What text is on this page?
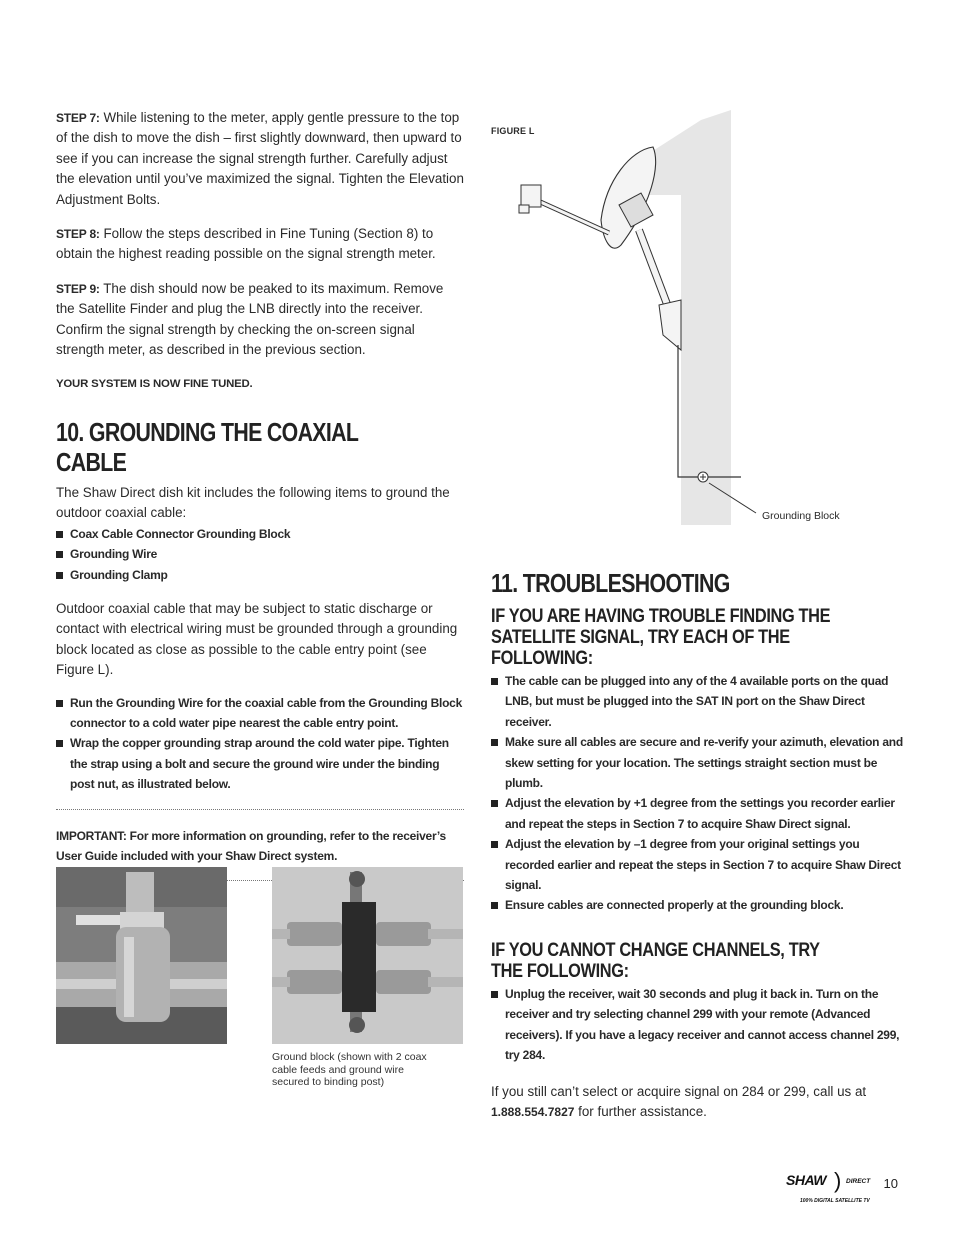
STEP 7: While listening to the meter, apply gentle pressure to the top of the dish to move the dish – first slightly downward, then upward to see if you can increase the signal strength further. Carefully adjust the elevation until you’ve maximized the signal. Tighten the Elevation Adjustment Bolts.

STEP 8: Follow the steps described in Fine Tuning (Section 8) to obtain the highest reading possible on the signal strength meter.

STEP 9: The dish should now be peaked to its maximum. Remove the Satellite Finder and plug the LNB directly into the receiver. Confirm the signal strength by checking the on-screen signal strength meter, as described in the previous section.

YOUR SYSTEM IS NOW FINE TUNED.

10. GROUNDING THE COAXIAL CABLE

The Shaw Direct dish kit includes the following items to ground the outdoor coaxial cable:

Coax Cable Connector Grounding Block
Grounding Wire
Grounding Clamp

Outdoor coaxial cable that may be subject to static discharge or contact with electrical wiring must be grounded through a grounding block located as close as possible to the cable entry point (see Figure L).

Run the Grounding Wire for the coaxial cable from the Grounding Block connector to a cold water pipe nearest the cable entry point.
Wrap the copper grounding strap around the cold water pipe. Tighten the strap using a bolt and secure the ground wire under the binding post nut, as illustrated below.

IMPORTANT: For more information on grounding, refer to the receiver’s User Guide included with your Shaw Direct system.

Ground block (shown with 2 coax cable feeds and ground wire secured to binding post)
FIGURE L
Grounding Block
11. TROUBLESHOOTING
IF YOU ARE HAVING TROUBLE FINDING THE SATELLITE SIGNAL, TRY EACH OF THE FOLLOWING:
The cable can be plugged into any of the 4 available ports on the quad LNB, but must be plugged into the SAT IN port on the Shaw Direct receiver.
Make sure all cables are secure and re-verify your azimuth, elevation and skew setting for your location. The settings straight section must be plumb.
Adjust the elevation by +1 degree from the settings you recorder earlier and repeat the steps in Section 7 to acquire Shaw Direct signal.
Adjust the elevation by –1 degree from your original settings you recorded earlier and repeat the steps in Section 7 to acquire Shaw Direct signal.
Ensure cables are connected properly at the grounding block.
IF YOU CANNOT CHANGE CHANNELS, TRY THE FOLLOWING:
Unplug the receiver, wait 30 seconds and plug it back in. Turn on the receiver and try selecting channel 299 with your remote (Advanced receivers). If you have a legacy receiver and cannot access channel 299, try 284.

If you still can’t select or acquire signal on 284 or 299, call us at 1.888.554.7827 for further assistance.

SHAW ) DIRECT
100% DIGITAL SATELLITE TV
10
